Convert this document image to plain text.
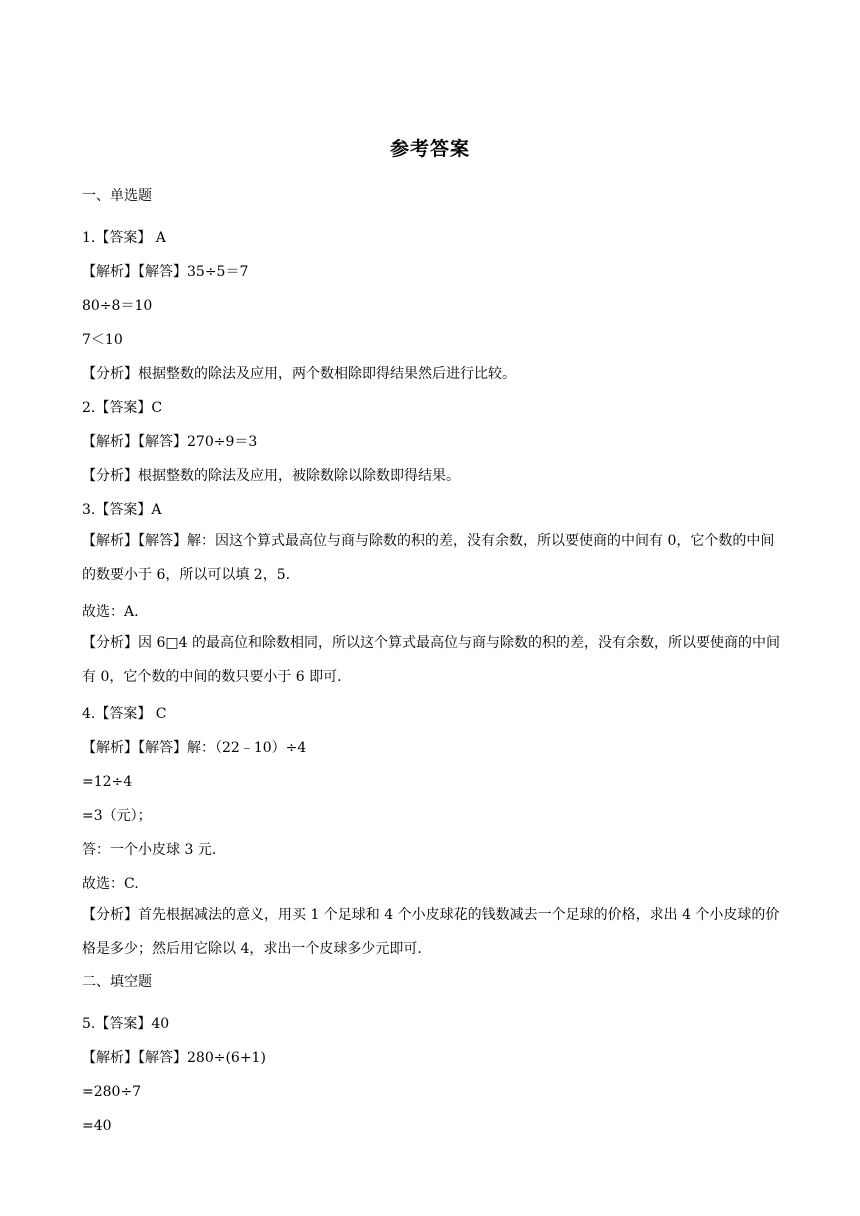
参考答案
一、单选题
1.【答案】 A
【解析】【解答】35÷5＝7
80÷8＝10
7＜10
【分析】根据整数的除法及应用，两个数相除即得结果然后进行比较。
2.【答案】C
【解析】【解答】270÷9＝3
【分析】根据整数的除法及应用，被除数除以除数即得结果。
3.【答案】A
【解析】【解答】解：因这个算式最高位与商与除数的积的差，没有余数，所以要使商的中间有 0，它个数的中间的数要小于 6，所以可以填 2，5.
故选：A.
【分析】因 6□4 的最高位和除数相同，所以这个算式最高位与商与除数的积的差，没有余数，所以要使商的中间有 0，它个数的中间的数只要小于 6 即可.
4.【答案】 C
【解析】【解答】解：（22﹣10）÷4
=12÷4
=3（元）；
答：一个小皮球 3 元.
故选：C.
【分析】首先根据减法的意义，用买 1 个足球和 4 个小皮球花的钱数减去一个足球的价格，求出 4 个小皮球的价格是多少；然后用它除以 4，求出一个皮球多少元即可.
二、填空题
5.【答案】40
【解析】【解答】280÷(6+1)
=280÷7
=40
